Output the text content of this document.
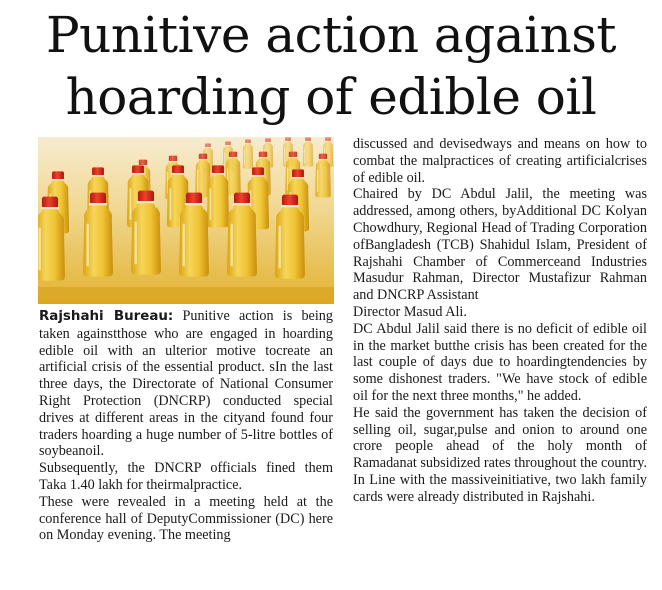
Punitive action against
hoarding of edible oil

Rajshahi Bureau: Punitive action is being taken againstthose who are engaged in hoarding edible oil with an ulterior motive tocreate an artificial crisis of the essential product. sIn the last three days, the Directorate of National Consumer Right Protection (DNCRP) conducted special drives at different areas in the cityand found four traders hoarding a huge number of 5-litre bottles of soybeanoil.

Subsequently, the DNCRP officials fined them Taka 1.40 lakh for theirmalpractice.

These were revealed in a meeting held at the conference hall of DeputyCommissioner (DC) here on Monday evening. The meeting

discussed and devisedways and means on how to combat the malpractices of creating artificialcrises of edible oil.

Chaired by DC Abdul Jalil, the meeting was addressed, among others, byAdditional DC Kolyan Chowdhury, Regional Head of Trading Corporation ofBangladesh (TCB) Shahidul Islam, President of Rajshahi Chamber of Commerceand Industries Masudur Rahman, Director Mustafizur Rahman and DNCRP Assistant

Director Masud Ali.

DC Abdul Jalil said there is no deficit of edible oil in the market butthe crisis has been created for the last couple of days due to hoardingtendencies by some dishonest traders. "We have stock of edible oil for the next three months," he added.

He said the government has taken the decision of selling oil, sugar,pulse and onion to around one crore people ahead of the holy month of Ramadanat subsidized rates throughout the country. In Line with the massiveinitiative, two lakh family cards were already distributed in Rajshahi.
